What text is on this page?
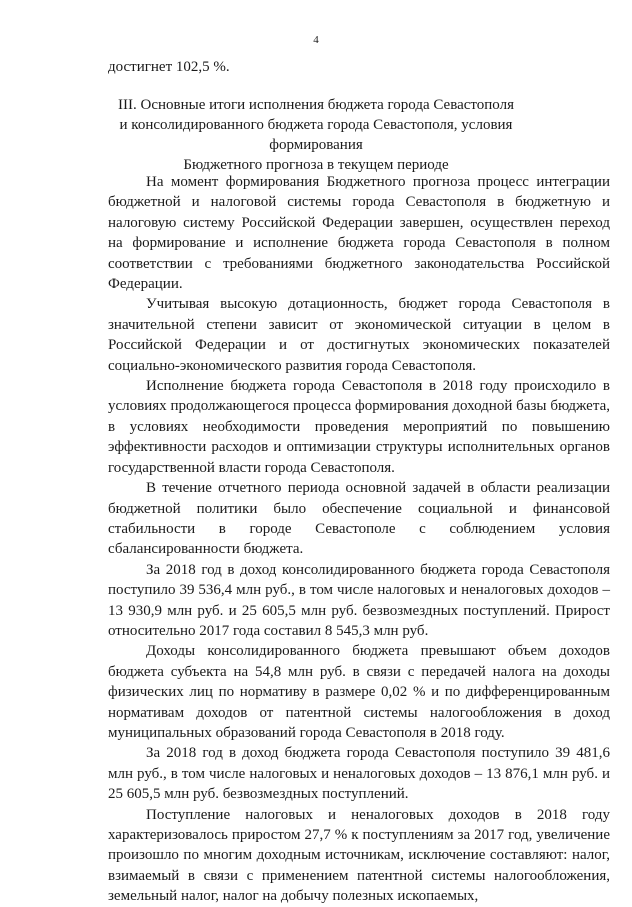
4
достигнет 102,5 %.
III. Основные итоги исполнения бюджета города Севастополя
и консолидированного бюджета города Севастополя, условия формирования
Бюджетного прогноза в текущем периоде

На момент формирования Бюджетного прогноза процесс интеграции бюджетной и налоговой системы города Севастополя в бюджетную и налоговую систему Российской Федерации завершен, осуществлен переход на формирование и исполнение бюджета города Севастополя в полном соответствии с требованиями бюджетного законодательства Российской Федерации.

Учитывая высокую дотационность, бюджет города Севастополя в значительной степени зависит от экономической ситуации в целом в Российской Федерации и от достигнутых экономических показателей социально-экономического развития города Севастополя.

Исполнение бюджета города Севастополя в 2018 году происходило в условиях продолжающегося процесса формирования доходной базы бюджета, в условиях необходимости проведения мероприятий по повышению эффективности расходов и оптимизации структуры исполнительных органов государственной власти города Севастополя.

В течение отчетного периода основной задачей в области реализации бюджетной политики было обеспечение социальной и финансовой стабильности в городе Севастополе с соблюдением условия сбалансированности бюджета.

За 2018 год в доход консолидированного бюджета города Севастополя поступило 39 536,4 млн руб., в том числе налоговых и неналоговых доходов – 13 930,9 млн руб. и 25 605,5 млн руб. безвозмездных поступлений. Прирост относительно 2017 года составил 8 545,3 млн руб.

Доходы консолидированного бюджета превышают объем доходов бюджета субъекта на 54,8 млн руб. в связи с передачей налога на доходы физических лиц по нормативу в размере 0,02 % и по дифференцированным нормативам доходов от патентной системы налогообложения в доход муниципальных образований города Севастополя в 2018 году.

За 2018 год в доход бюджета города Севастополя поступило 39 481,6 млн руб., в том числе налоговых и неналоговых доходов – 13 876,1 млн руб. и 25 605,5 млн руб. безвозмездных поступлений.

Поступление налоговых и неналоговых доходов в 2018 году характеризовалось приростом 27,7 % к поступлениям за 2017 год, увеличение произошло по многим доходным источникам, исключение составляют: налог, взимаемый в связи с применением патентной системы налогообложения, земельный налог, налог на добычу полезных ископаемых,
